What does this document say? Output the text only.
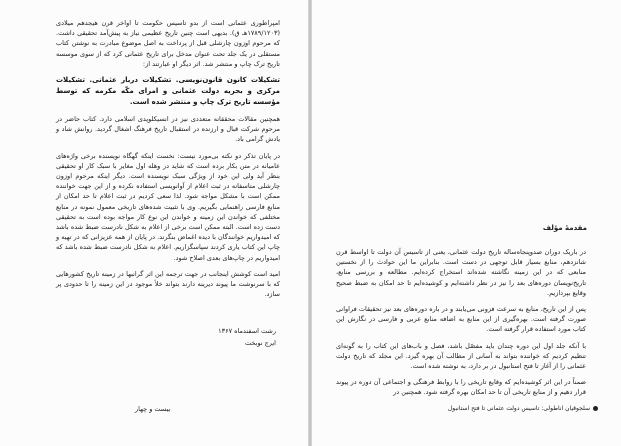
امپراطوری عثمانی است از بدو تاسیس حکومت تا اواخر قرن هیجدهم میلادی (۱۷۸۹/۱۲۰۳هـ ق). بدیهی است چنین تاریخ عظیمی نیاز به پیش‌آمد تحقیقی داشت. که مرحوم اوزون چارشلی قبل از پرداخت به اصل موضوع مبادرت به نوشتن کتاب مستقلی در یک جلد تحت عنوان مدخل برای تاریخ عثمانی کرد که از سوی موسسه تاریخ ترک چاپ و منتشر شد. اثر دیگر او عبارتند از:

تشکیلات کانون قانون‌نویسی. تشکیلات دربار عثمانی. تشکیلات مرکزی و بحریه دولت عثمانی و امرای مکّه مکرمه که توسط مؤسسه تاریخ ترک چاپ و منتشر شده است.

همچنین مقالات محققانه متعددی نیز در انسیکلوپدی اسلامی دارد. کتاب حاضر در مرحوم شرکت قبال و ارزنده در استقبال تاریخ فرهنگ اشغال گردید. روانش شاد و یادش گرامی باد.

در پایان تذکر دو نکته بی‌مورد نیست: نخست اینکه گهگاه نویسنده برخی واژه‌های عامیانه در متن بکار برده است که شاید در وهله اول مغایر با سبک کار او تحقیقی بنظر آید ولی این خود از ویژگی سبک نویسنده است. دیگر اینکه مرحوم اوزون چارشلی متاسفانه در ثبت اعلام از آوانویسی استفاده نکرده و از این جهت خواننده ممکن است با مشکل مواجه شود. لذا سعی کردیم در ثبت اعلام تا حد امکان از منابع فارسی راهنمایی بگیریم. وی با تثبیت شده‌های تاریخی معمول نمونه در منابع مختلفی که خواندن این زمینه و خواندن این نوع کار مواجه بوده است به تحقیقی دست زده است. البته ممکن است برخی از اعلام به شکل نادرست ضبط شده باشد که امیدواریم خوانندگان با دیده اغماض بنگرند. در پایان از همه عزیزانی که در تهیه و چاپ این کتاب یاری کردند سپاسگزاریم. اعلام به شکل نادرست ضبط شده باشد که امیدواریم در چاپ‌های بعدی اصلاح شود.

امید است کوشش اینجانب در جهت ترجمه این اثر گرانبها در زمینه تاریخ کشورهایی که با سرنوشت ما پیوند دیرینه دارند بتواند خلأ موجود در این زمینه را تا حدودی پر سازد.

رشت اسفندماه ۱۳۶۷
ایرج نوبخت
بیست و چهار
مقدمهٔ مؤلف

در باریک دوران صدوپنجاه‌ساله تاریخ دولت عثمانی، یعنی از تاسیس آن دولت تا اواسط قرن شانزدهم، منابع بسیار قابل توجهی در دست است. بنابراین ما این حوادث را از نخستین منابعی که در این زمینه نگاشته شده‌اند استخراج کرده‌ایم. مطالعه و بررسی منابع، تاریخ‌نویسان دوره‌های بعد را نیز در نظر داشته‌ایم و کوشیده‌ایم تا حد امکان به ضبط صحیح وقایع بپردازیم.

پس از این تاریخ، منابع به سرعت فزونی می‌یابند و در باره دوره‌های بعد نیز تحقیقات فراوانی صورت گرفته است. بهره‌گیری از این منابع به اضافه منابع عربی و فارسی در نگارش این کتاب مورد استفاده قرار گرفته است.

با آنکه جلد اول این دوره چندان باید مفصّل باشد، فصل و باب‌های این کتاب را به گونه‌ای تنظیم کردیم که خواننده بتواند به آسانی از مطالب آن بهره گیرد. این مجلد که تاریخ دولت عثمانی را از آغاز تا فتح استانبول در بر دارد، به نوشته شده است.

ضمناً در این اثر کوشیده‌ایم که وقایع تاریخی را با روابط فرهنگی و اجتماعی آن دوره در پیوند قرار دهیم و از منابع تاریخی آن تا حد امکان بهره گرفته شود. همچنین در

سلجوقیان آناطولی: تاسیس دولت عثمانی تا فتح استانبول
